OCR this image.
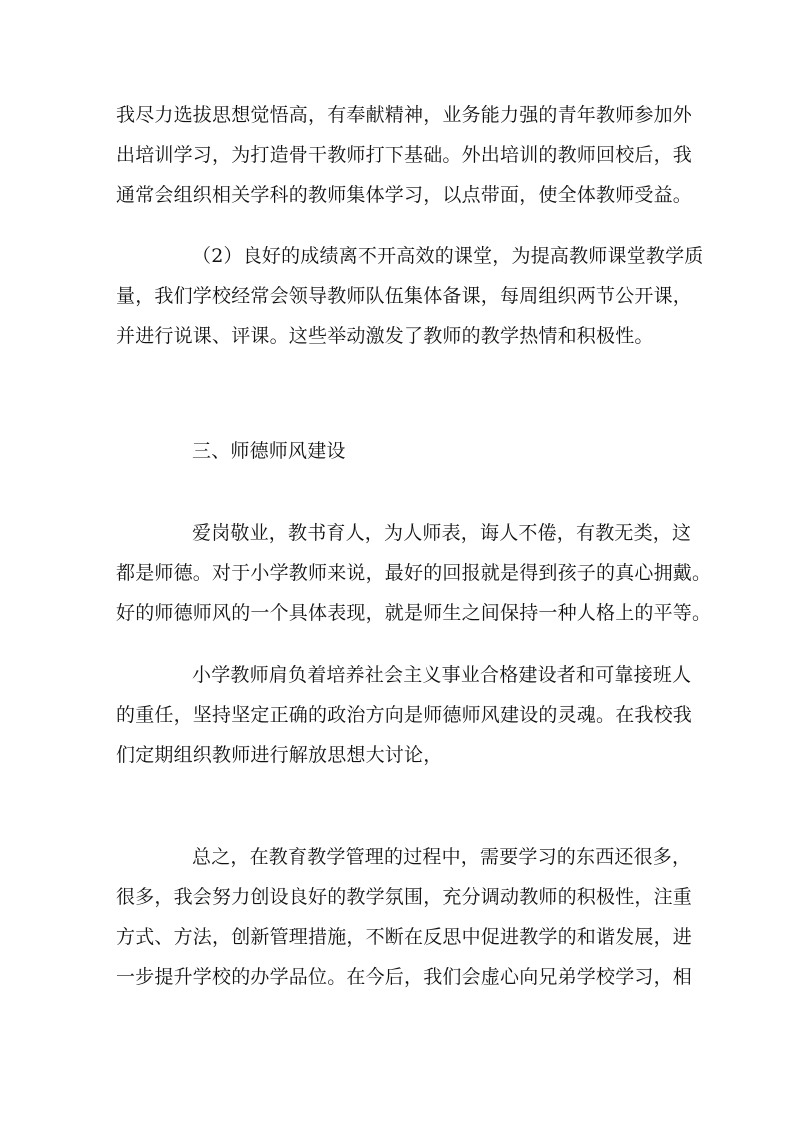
我尽力选拔思想觉悟高，有奉献精神，业务能力强的青年教师参加外
出培训学习，为打造骨干教师打下基础。外出培训的教师回校后，我
通常会组织相关学科的教师集体学习，以点带面，使全体教师受益。
（2）良好的成绩离不开高效的课堂，为提高教师课堂教学质
量，我们学校经常会领导教师队伍集体备课，每周组织两节公开课，
并进行说课、评课。这些举动激发了教师的教学热情和积极性。
三、师德师风建设
爱岗敬业，教书育人，为人师表，诲人不倦，有教无类，这
都是师德。对于小学教师来说，最好的回报就是得到孩子的真心拥戴。
好的师德师风的一个具体表现，就是师生之间保持一种人格上的平等。
小学教师肩负着培养社会主义事业合格建设者和可靠接班人
的重任，坚持坚定正确的政治方向是师德师风建设的灵魂。在我校我
们定期组织教师进行解放思想大讨论，
总之，在教育教学管理的过程中，需要学习的东西还很多，
很多，我会努力创设良好的教学氛围，充分调动教师的积极性，注重
方式、方法，创新管理措施，不断在反思中促进教学的和谐发展，进
一步提升学校的办学品位。在今后，我们会虚心向兄弟学校学习，相
